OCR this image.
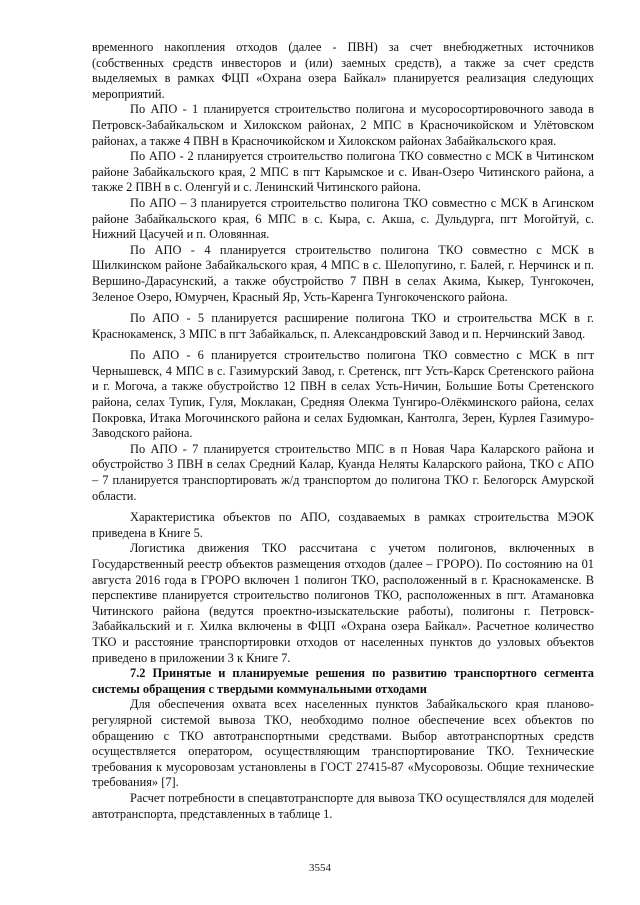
временного накопления отходов (далее - ПВН) за счет внебюджетных источников (собственных средств инвесторов и (или) заемных средств), а также за счет средств выделяемых в рамках ФЦП «Охрана озера Байкал» планируется реализация следующих мероприятий.

По АПО - 1 планируется строительство полигона и мусоросортировочного завода в Петровск-Забайкальском и Хилокском районах, 2 МПС в Красночикойском и Улётовском районах, а также 4 ПВН в Красночикойском и Хилокском районах Забайкальского края.

По АПО - 2 планируется строительство полигона ТКО совместно с МСК в Читинском районе Забайкальского края, 2 МПС в пгт Карымское и с. Иван-Озеро Читинского района, а также 2 ПВН в с. Оленгуй и с. Ленинский Читинского района.

По АПО – 3 планируется строительство полигона ТКО совместно с МСК в Агинском районе Забайкальского края, 6 МПС в с. Кыра, с. Акша, с. Дульдурга, пгт Могойтуй, с. Нижний Цасучей и п. Оловянная.

По АПО - 4 планируется строительство полигона ТКО совместно с МСК в Шилкинском районе Забайкальского края, 4 МПС в с. Шелопугино, г. Балей, г. Нерчинск и п. Вершино-Дарасунский, а также обустройство 7 ПВН в селах Акима, Кыкер, Тунгокочен, Зеленое Озеро, Юмурчен, Красный Яр, Усть-Каренга Тунгокоченского района.

По АПО - 5 планируется расширение полигона ТКО и строительства МСК в г. Краснокаменск, 3 МПС в пгт Забайкальск, п. Александровский Завод и п. Нерчинский Завод.

По АПО - 6 планируется строительство полигона ТКО совместно с МСК в пгт Чернышевск, 4 МПС в с. Газимурский Завод, г. Сретенск, пгт Усть-Карск Сретенского района и г. Могоча, а также обустройство 12 ПВН в селах Усть-Ничин, Большие Боты Сретенского района, селах Тупик, Гуля, Моклакан, Средняя Олекма Тунгиро-Олёкминского района, селах Покровка, Итака Могочинского района и селах Будюмкан, Кантолга, Зерен, Курлея Газимуро-Заводского района.

По АПО - 7 планируется строительство МПС в п Новая Чара Каларского района и обустройство 3 ПВН в селах Средний Калар, Куанда Неляты Каларского района, ТКО с АПО – 7 планируется транспортировать ж/д транспортом до полигона ТКО г. Белогорск Амурской области.

Характеристика объектов по АПО, создаваемых в рамках строительства МЭОК приведена в Книге 5.

Логистика движения ТКО рассчитана с учетом полигонов, включенных в Государственный реестр объектов размещения отходов (далее – ГРОРО). По состоянию на 01 августа 2016 года в ГРОРО включен 1 полигон ТКО, расположенный в г. Краснокаменске. В перспективе планируется строительство полигонов ТКО, расположенных в пгт. Атамановка Читинского района (ведутся проектно-изыскательские работы), полигоны г. Петровск-Забайкальский и г. Хилка включены в ФЦП «Охрана озера Байкал». Расчетное количество ТКО и расстояние транспортировки отходов от населенных пунктов до узловых объектов приведено в приложении 3 к Книге 7.

7.2 Принятые и планируемые решения по развитию транспортного сегмента системы обращения с твердыми коммунальными отходами

Для обеспечения охвата всех населенных пунктов Забайкальского края планово-регулярной системой вывоза ТКО, необходимо полное обеспечение всех объектов по обращению с ТКО автотранспортными средствами. Выбор автотранспортных средств осуществляется оператором, осуществляющим транспортирование ТКО. Технические требования к мусоровозам установлены в ГОСТ 27415-87 «Мусоровозы. Общие технические требования» [7].

Расчет потребности в спецавтотранспорте для вывоза ТКО осуществлялся для моделей автотранспорта, представленных в таблице 1.

3554
